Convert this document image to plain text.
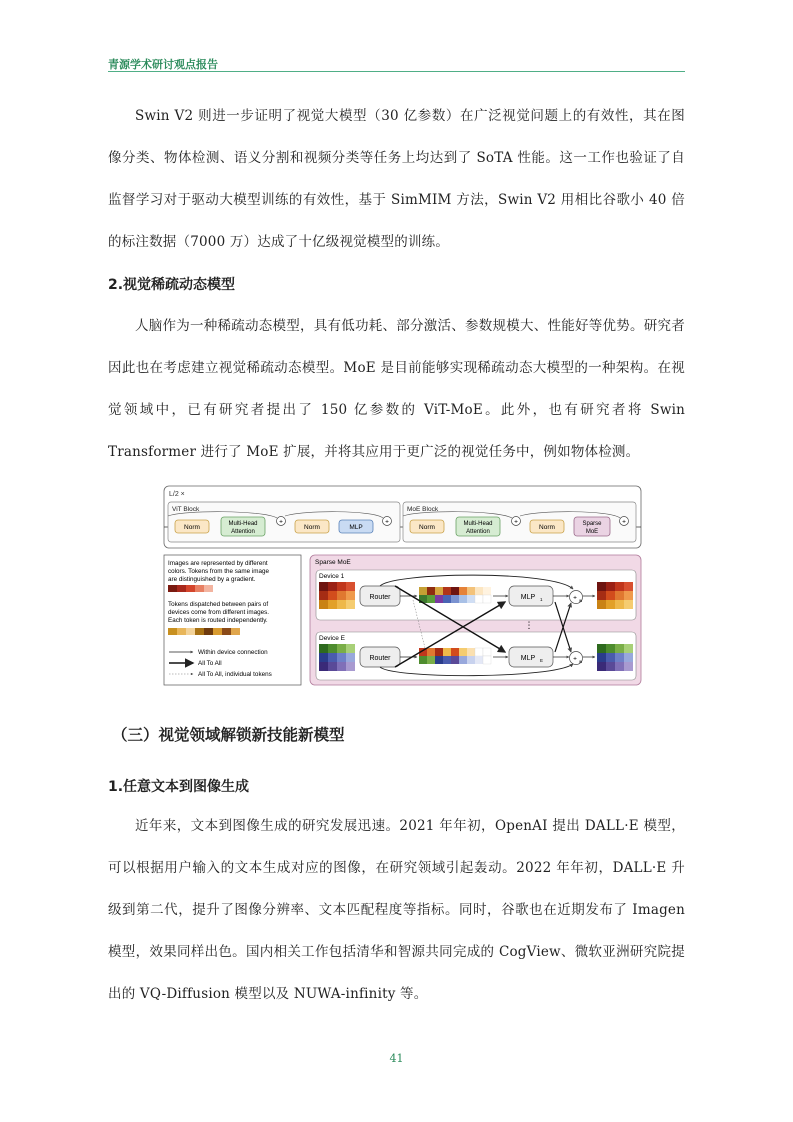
青源学术研讨观点报告

Swin V2 则进一步证明了视觉大模型（30 亿参数）在广泛视觉问题上的有效性，其在图像分类、物体检测、语义分割和视频分类等任务上均达到了 SoTA 性能。这一工作也验证了自监督学习对于驱动大模型训练的有效性，基于 SimMIM 方法，Swin V2 用相比谷歌小 40 倍的标注数据（7000 万）达成了十亿级视觉模型的训练。

2.视觉稀疏动态模型

人脑作为一种稀疏动态模型，具有低功耗、部分激活、参数规模大、性能好等优势。研究者因此也在考虑建立视觉稀疏动态模型。MoE 是目前能够实现稀疏动态大模型的一种架构。在视觉领域中，已有研究者提出了 150 亿参数的 ViT-MoE。此外，也有研究者将 Swin Transformer 进行了 MoE 扩展，并将其应用于更广泛的视觉任务中，例如物体检测。

L/2 ×
ViT Block
Norm	Multi-Head
Attention
+
Norm	MLP
+
MoE Block
Norm	Multi-Head
Attention
+
Norm	Sparse
MoE
+
Images are represented by different
colors. Tokens from the same image
are distinguished by a gradient.
Tokens dispatched between pairs of
devices come from different images.
Each token is routed independently.
Within device connection
All To All
All To All, individual tokens
Sparse MoE
Device 1
Router	MLP 1	+ w
⋮
Device E
Router	MLP E	+ w
（三）视觉领域解锁新技能新模型
1.任意文本到图像生成

近年来，文本到图像生成的研究发展迅速。2021 年年初，OpenAI 提出 DALL·E 模型，可以根据用户输入的文本生成对应的图像，在研究领域引起轰动。2022 年年初，DALL·E 升级到第二代，提升了图像分辨率、文本匹配程度等指标。同时，谷歌也在近期发布了 Imagen 模型，效果同样出色。国内相关工作包括清华和智源共同完成的 CogView、微软亚洲研究院提出的 VQ-Diffusion 模型以及 NUWA-infinity 等。

41
